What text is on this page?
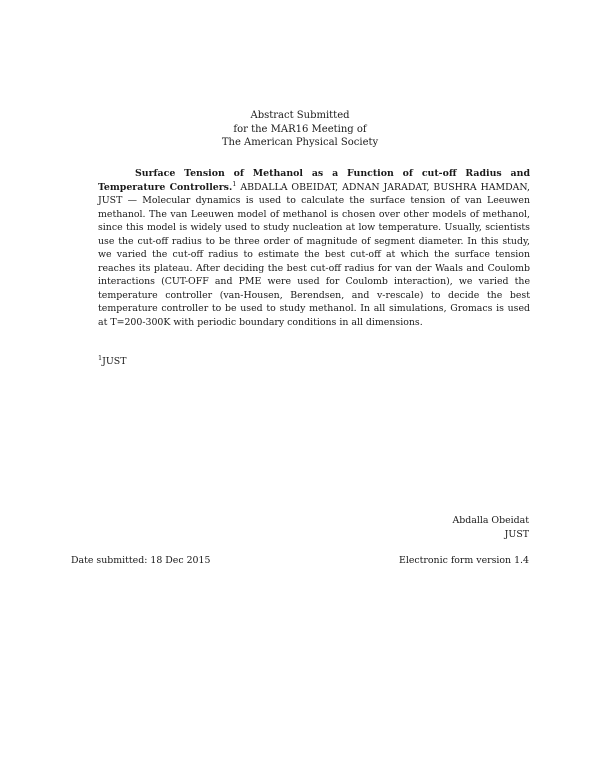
Abstract Submitted
for the MAR16 Meeting of
The American Physical Society

Surface Tension of Methanol as a Function of cut-off Radius and Temperature Controllers.$^1$ ABDALLA OBEIDAT, ADNAN JARADAT, BUSHRA HAMDAN, JUST — Molecular dynamics is used to calculate the surface tension of van Leeuwen methanol. The van Leeuwen model of methanol is chosen over other models of methanol, since this model is widely used to study nucleation at low temperature. Usually, scientists use the cut-off radius to be three order of magnitude of segment diameter. In this study, we varied the cut-off radius to estimate the best cut-off at which the surface tension reaches its plateau. After deciding the best cut-off radius for van der Waals and Coulomb interactions (CUT-OFF and PME were used for Coulomb interaction), we varied the temperature controller (van-Housen, Berendsen, and v-rescale) to decide the best temperature controller to be used to study methanol. In all simulations, Gromacs is used at T=200-300K with periodic boundary conditions in all dimensions.

$^1$JUST
Abdalla Obeidat
JUST
Date submitted: 18 Dec 2015	Electronic form version 1.4
